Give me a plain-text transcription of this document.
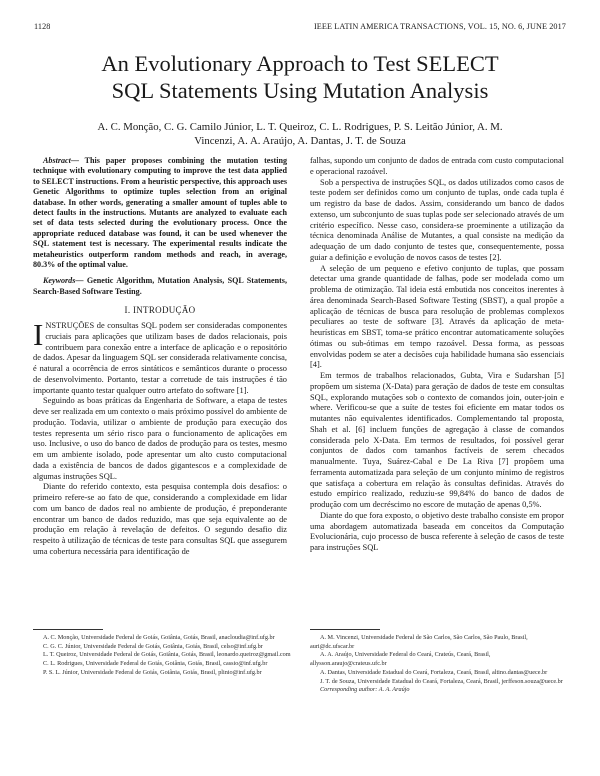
1128	IEEE LATIN AMERICA TRANSACTIONS, VOL. 15, NO. 6, JUNE 2017
An Evolutionary Approach to Test SELECT
SQL Statements Using Mutation Analysis
A. C. Monção, C. G. Camilo Júnior, L. T. Queiroz, C. L. Rodrigues, P. S. Leitão Júnior, A. M.
Vincenzi, A. A. Araújo, A. Dantas, J. T. de Souza

Abstract— This paper proposes combining the mutation testing technique with evolutionary computing to improve the test data applied to SELECT instructions. From a heuristic perspective, this approach uses Genetic Algorithms to optimize tuples selection from an original database. In other words, generating a smaller amount of tuples able to detect faults in the instructions. Mutants are analyzed to evaluate each set of data tests selected during the evolutionary process. Once the appropriate reduced database was found, it can be used whenever the SQL statement test is necessary. The experimental results indicate the metaheuristics outperform random methods and reach, in average, 80.3% of the optimal value.

Keywords— Genetic Algorithm, Mutation Analysis, SQL Statements, Search-Based Software Testing.

I. INTRODUÇÃO

INSTRUÇÕES de consultas SQL podem ser consideradas componentes cruciais para aplicações que utilizam bases de dados relacionais, pois contribuem para conexão entre a interface de aplicação e o repositório de dados. Apesar da linguagem SQL ser considerada relativamente concisa, é natural a ocorrência de erros sintáticos e semânticos durante o processo de desenvolvimento. Portanto, testar a corretude de tais instruções é tão importante quanto testar qualquer outro artefato do software [1].

Seguindo as boas práticas da Engenharia de Software, a etapa de testes deve ser realizada em um contexto o mais próximo possível do ambiente de produção. Todavia, utilizar o ambiente de produção para execução dos testes representa um sério risco para o funcionamento de aplicações em uso. Inclusive, o uso do banco de dados de produção para os testes, mesmo em um ambiente isolado, pode apresentar um alto custo computacional dada a existência de bancos de dados gigantescos e a complexidade de algumas instruções SQL.

Diante do referido contexto, esta pesquisa contempla dois desafios: o primeiro refere-se ao fato de que, considerando a complexidade em lidar com um banco de dados real no ambiente de produção, é preponderante encontrar um banco de dados reduzido, mas que seja equivalente ao de produção em relação à revelação de defeitos. O segundo desafio diz respeito à utilização de técnicas de teste para consultas SQL que assegurem uma cobertura necessária para identificação de

falhas, supondo um conjunto de dados de entrada com custo computacional e operacional razoável.

Sob a perspectiva de instruções SQL, os dados utilizados como casos de teste podem ser definidos como um conjunto de tuplas, onde cada tupla é um registro da base de dados. Assim, considerando um banco de dados extenso, um subconjunto de suas tuplas pode ser selecionado através de um critério específico. Nesse caso, considera-se proeminente a utilização da técnica denominada Análise de Mutantes, a qual consiste na medição da adequação de um dado conjunto de testes que, consequentemente, possa guiar a definição e evolução de novos casos de testes [2].

A seleção de um pequeno e efetivo conjunto de tuplas, que possam detectar uma grande quantidade de falhas, pode ser modelada como um problema de otimização. Tal ideia está embutida nos conceitos inerentes à área denominada Search-Based Software Testing (SBST), a qual propõe a aplicação de técnicas de busca para resolução de problemas complexos peculiares ao teste de software [3]. Através da aplicação de meta-heurísticas em SBST, toma-se prático encontrar automaticamente soluções ótimas ou sub-ótimas em tempo razoável. Dessa forma, as pessoas envolvidas podem se ater a decisões cuja habilidade humana são essenciais [4].

Em termos de trabalhos relacionados, Gubta, Vira e Sudarshan [5] propõem um sistema (X-Data) para geração de dados de teste em consultas SQL, explorando mutações sob o contexto de comandos join, outer-join e where. Verificou-se que a suíte de testes foi eficiente em matar todos os mutantes não equivalentes identificados. Complementando tal proposta, Shah et al. [6] incluem funções de agregação à classe de comandos considerada pelo X-Data. Em termos de resultados, foi possível gerar conjuntos de dados com tamanhos factíveis de serem checados manualmente. Tuya, Suárez-Cabal e De La Riva [7] propõem uma ferramenta automatizada para seleção de um conjunto mínimo de registros que satisfaça a cobertura em relação às consultas definidas. Através do estudo empírico realizado, reduziu-se 99,84% do banco de dados de produção com um decréscimo no escore de mutação de apenas 0,5%.

Diante do que fora exposto, o objetivo deste trabalho consiste em propor uma abordagem automatizada baseada em conceitos da Computação Evolucionária, cujo processo de busca referente à seleção de casos de teste para instruções SQL

A. C. Monção, Universidade Federal de Goiás, Goiânia, Goiás, Brasil, anacloudia@inf.ufg.br
C. G. C. Júnior, Universidade Federal de Goiás, Goiânia, Goiás, Brasil, celso@inf.ufg.br
L. T. Queiroz, Universidade Federal de Goiás, Goiânia, Goiás, Brasil, leonardo.queiroz@gmail.com
C. L. Rodrigues, Universidade Federal de Goiás, Goiânia, Goiás, Brasil, cassio@inf.ufg.br
P. S. L. Júnior, Universidade Federal de Goiás, Goiânia, Goiás, Brasil, plinio@inf.ufg.br
A. M. Vincenzi, Universidade Federal de São Carlos, São Carlos, São Paulo, Brasil, auri@dc.ufscar.br
A. A. Araújo, Universidade Federal do Ceará, Crateús, Ceará, Brasil, allysson.araujo@crateus.ufc.br
A. Dantas, Universidade Estadual do Ceará, Fortaleza, Ceará, Brasil, altino.dantas@uece.br
J. T. de Souza, Universidade Estadual do Ceará, Fortaleza, Ceará, Brasil, jerffeson.souza@uece.br
Corresponding author: A. A. Araújo
